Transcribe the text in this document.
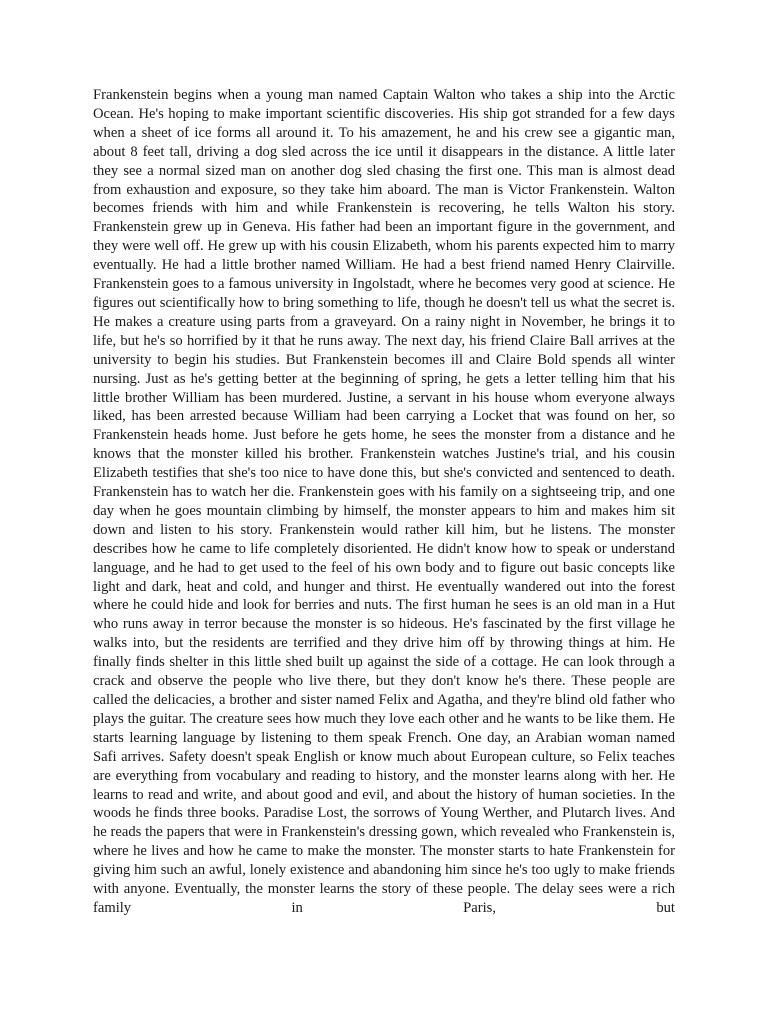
Frankenstein begins when a young man named Captain Walton who takes a ship into the Arctic Ocean. He's hoping to make important scientific discoveries. His ship got stranded for a few days when a sheet of ice forms all around it. To his amazement, he and his crew see a gigantic man, about 8 feet tall, driving a dog sled across the ice until it disappears in the distance. A little later they see a normal sized man on another dog sled chasing the first one. This man is almost dead from exhaustion and exposure, so they take him aboard. The man is Victor Frankenstein. Walton becomes friends with him and while Frankenstein is recovering, he tells Walton his story. Frankenstein grew up in Geneva. His father had been an important figure in the government, and they were well off. He grew up with his cousin Elizabeth, whom his parents expected him to marry eventually. He had a little brother named William. He had a best friend named Henry Clairville. Frankenstein goes to a famous university in Ingolstadt, where he becomes very good at science. He figures out scientifically how to bring something to life, though he doesn't tell us what the secret is. He makes a creature using parts from a graveyard. On a rainy night in November, he brings it to life, but he's so horrified by it that he runs away. The next day, his friend Claire Ball arrives at the university to begin his studies. But Frankenstein becomes ill and Claire Bold spends all winter nursing. Just as he's getting better at the beginning of spring, he gets a letter telling him that his little brother William has been murdered. Justine, a servant in his house whom everyone always liked, has been arrested because William had been carrying a Locket that was found on her, so Frankenstein heads home. Just before he gets home, he sees the monster from a distance and he knows that the monster killed his brother. Frankenstein watches Justine's trial, and his cousin Elizabeth testifies that she's too nice to have done this, but she's convicted and sentenced to death. Frankenstein has to watch her die. Frankenstein goes with his family on a sightseeing trip, and one day when he goes mountain climbing by himself, the monster appears to him and makes him sit down and listen to his story. Frankenstein would rather kill him, but he listens. The monster describes how he came to life completely disoriented. He didn't know how to speak or understand language, and he had to get used to the feel of his own body and to figure out basic concepts like light and dark, heat and cold, and hunger and thirst. He eventually wandered out into the forest where he could hide and look for berries and nuts. The first human he sees is an old man in a Hut who runs away in terror because the monster is so hideous. He's fascinated by the first village he walks into, but the residents are terrified and they drive him off by throwing things at him. He finally finds shelter in this little shed built up against the side of a cottage. He can look through a crack and observe the people who live there, but they don't know he's there. These people are called the delicacies, a brother and sister named Felix and Agatha, and they're blind old father who plays the guitar. The creature sees how much they love each other and he wants to be like them. He starts learning language by listening to them speak French. One day, an Arabian woman named Safi arrives. Safety doesn't speak English or know much about European culture, so Felix teaches are everything from vocabulary and reading to history, and the monster learns along with her. He learns to read and write, and about good and evil, and about the history of human societies. In the woods he finds three books. Paradise Lost, the sorrows of Young Werther, and Plutarch lives. And he reads the papers that were in Frankenstein's dressing gown, which revealed who Frankenstein is, where he lives and how he came to make the monster. The monster starts to hate Frankenstein for giving him such an awful, lonely existence and abandoning him since he's too ugly to make friends with anyone. Eventually, the monster learns the story of these people. The delay sees were a rich family in Paris, but
